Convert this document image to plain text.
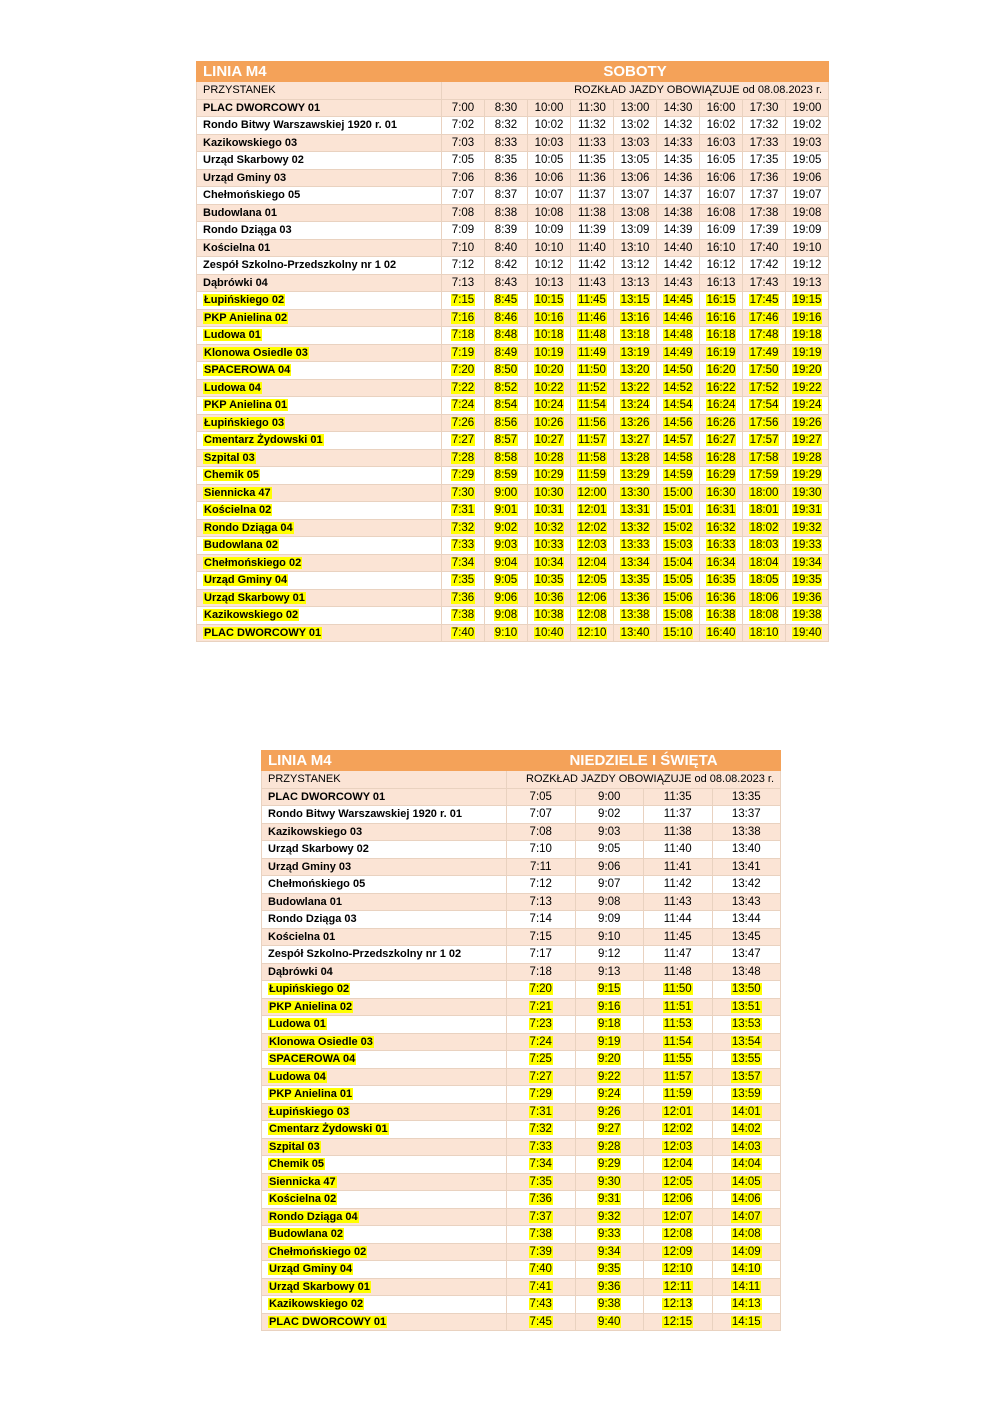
LINIA M4	SOBOTY								
PRZYSTANEK	ROZKŁAD JAZDY OBOWIĄZUJE od 08.08.2023 r.								
PLAC DWORCOWY 01	7:00	8:30	10:00	11:30	13:00	14:30	16:00	17:30	19:00
Rondo Bitwy Warszawskiej 1920 r. 01	7:02	8:32	10:02	11:32	13:02	14:32	16:02	17:32	19:02
Kazikowskiego 03	7:03	8:33	10:03	11:33	13:03	14:33	16:03	17:33	19:03
Urząd Skarbowy 02	7:05	8:35	10:05	11:35	13:05	14:35	16:05	17:35	19:05
Urząd Gminy 03	7:06	8:36	10:06	11:36	13:06	14:36	16:06	17:36	19:06
Chełmońskiego 05	7:07	8:37	10:07	11:37	13:07	14:37	16:07	17:37	19:07
Budowlana 01	7:08	8:38	10:08	11:38	13:08	14:38	16:08	17:38	19:08
Rondo Dziąga 03	7:09	8:39	10:09	11:39	13:09	14:39	16:09	17:39	19:09
Kościelna 01	7:10	8:40	10:10	11:40	13:10	14:40	16:10	17:40	19:10
Zespół Szkolno-Przedszkolny nr 1 02	7:12	8:42	10:12	11:42	13:12	14:42	16:12	17:42	19:12
Dąbrówki 04	7:13	8:43	10:13	11:43	13:13	14:43	16:13	17:43	19:13
Łupińskiego 02	7:15	8:45	10:15	11:45	13:15	14:45	16:15	17:45	19:15
PKP Anielina 02	7:16	8:46	10:16	11:46	13:16	14:46	16:16	17:46	19:16
Ludowa 01	7:18	8:48	10:18	11:48	13:18	14:48	16:18	17:48	19:18
Klonowa Osiedle 03	7:19	8:49	10:19	11:49	13:19	14:49	16:19	17:49	19:19
SPACEROWA 04	7:20	8:50	10:20	11:50	13:20	14:50	16:20	17:50	19:20
Ludowa 04	7:22	8:52	10:22	11:52	13:22	14:52	16:22	17:52	19:22
PKP Anielina 01	7:24	8:54	10:24	11:54	13:24	14:54	16:24	17:54	19:24
Łupińskiego 03	7:26	8:56	10:26	11:56	13:26	14:56	16:26	17:56	19:26
Cmentarz Żydowski 01	7:27	8:57	10:27	11:57	13:27	14:57	16:27	17:57	19:27
Szpital 03	7:28	8:58	10:28	11:58	13:28	14:58	16:28	17:58	19:28
Chemik 05	7:29	8:59	10:29	11:59	13:29	14:59	16:29	17:59	19:29
Siennicka 47	7:30	9:00	10:30	12:00	13:30	15:00	16:30	18:00	19:30
Kościelna 02	7:31	9:01	10:31	12:01	13:31	15:01	16:31	18:01	19:31
Rondo Dziąga 04	7:32	9:02	10:32	12:02	13:32	15:02	16:32	18:02	19:32
Budowlana 02	7:33	9:03	10:33	12:03	13:33	15:03	16:33	18:03	19:33
Chełmońskiego 02	7:34	9:04	10:34	12:04	13:34	15:04	16:34	18:04	19:34
Urząd Gminy 04	7:35	9:05	10:35	12:05	13:35	15:05	16:35	18:05	19:35
Urząd Skarbowy 01	7:36	9:06	10:36	12:06	13:36	15:06	16:36	18:06	19:36
Kazikowskiego 02	7:38	9:08	10:38	12:08	13:38	15:08	16:38	18:08	19:38
PLAC DWORCOWY 01	7:40	9:10	10:40	12:10	13:40	15:10	16:40	18:10	19:40
LINIA M4	NIEDZIELE I ŚWIĘTA			
PRZYSTANEK	ROZKŁAD JAZDY OBOWIĄZUJE od 08.08.2023 r.			
PLAC DWORCOWY 01	7:05	9:00	11:35	13:35
Rondo Bitwy Warszawskiej 1920 r. 01	7:07	9:02	11:37	13:37
Kazikowskiego 03	7:08	9:03	11:38	13:38
Urząd Skarbowy 02	7:10	9:05	11:40	13:40
Urząd Gminy 03	7:11	9:06	11:41	13:41
Chełmońskiego 05	7:12	9:07	11:42	13:42
Budowlana 01	7:13	9:08	11:43	13:43
Rondo Dziąga 03	7:14	9:09	11:44	13:44
Kościelna 01	7:15	9:10	11:45	13:45
Zespół Szkolno-Przedszkolny nr 1 02	7:17	9:12	11:47	13:47
Dąbrówki 04	7:18	9:13	11:48	13:48
Łupińskiego 02	7:20	9:15	11:50	13:50
PKP Anielina 02	7:21	9:16	11:51	13:51
Ludowa 01	7:23	9:18	11:53	13:53
Klonowa Osiedle 03	7:24	9:19	11:54	13:54
SPACEROWA 04	7:25	9:20	11:55	13:55
Ludowa 04	7:27	9:22	11:57	13:57
PKP Anielina 01	7:29	9:24	11:59	13:59
Łupińskiego 03	7:31	9:26	12:01	14:01
Cmentarz Żydowski 01	7:32	9:27	12:02	14:02
Szpital 03	7:33	9:28	12:03	14:03
Chemik 05	7:34	9:29	12:04	14:04
Siennicka 47	7:35	9:30	12:05	14:05
Kościelna 02	7:36	9:31	12:06	14:06
Rondo Dziąga 04	7:37	9:32	12:07	14:07
Budowlana 02	7:38	9:33	12:08	14:08
Chełmońskiego 02	7:39	9:34	12:09	14:09
Urząd Gminy 04	7:40	9:35	12:10	14:10
Urząd Skarbowy 01	7:41	9:36	12:11	14:11
Kazikowskiego 02	7:43	9:38	12:13	14:13
PLAC DWORCOWY 01	7:45	9:40	12:15	14:15
